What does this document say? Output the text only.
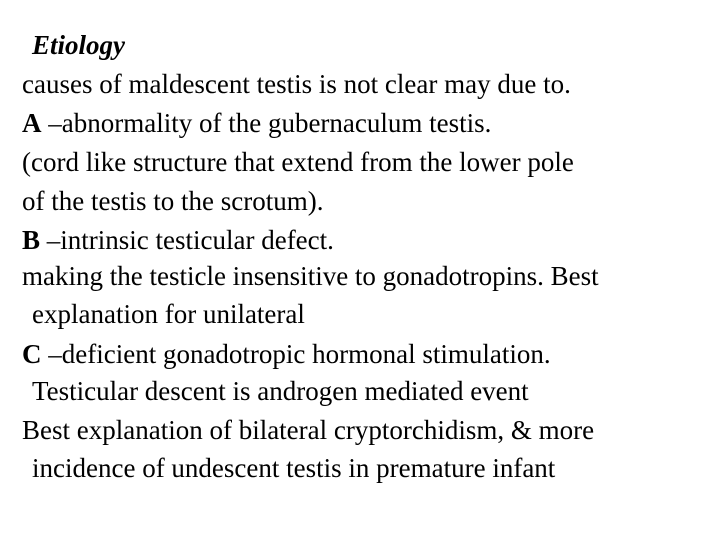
Etiology
causes of maldescent testis is not clear may due to.
A –abnormality of the gubernaculum testis.
(cord like structure that extend from the lower pole
of the testis to the scrotum).
B –intrinsic testicular defect.
making the testicle insensitive to gonadotropins. Best
explanation for unilateral
C –deficient gonadotropic hormonal stimulation.
Testicular descent is androgen mediated event
Best explanation of bilateral cryptorchidism, & more
incidence of undescent testis in premature infant
